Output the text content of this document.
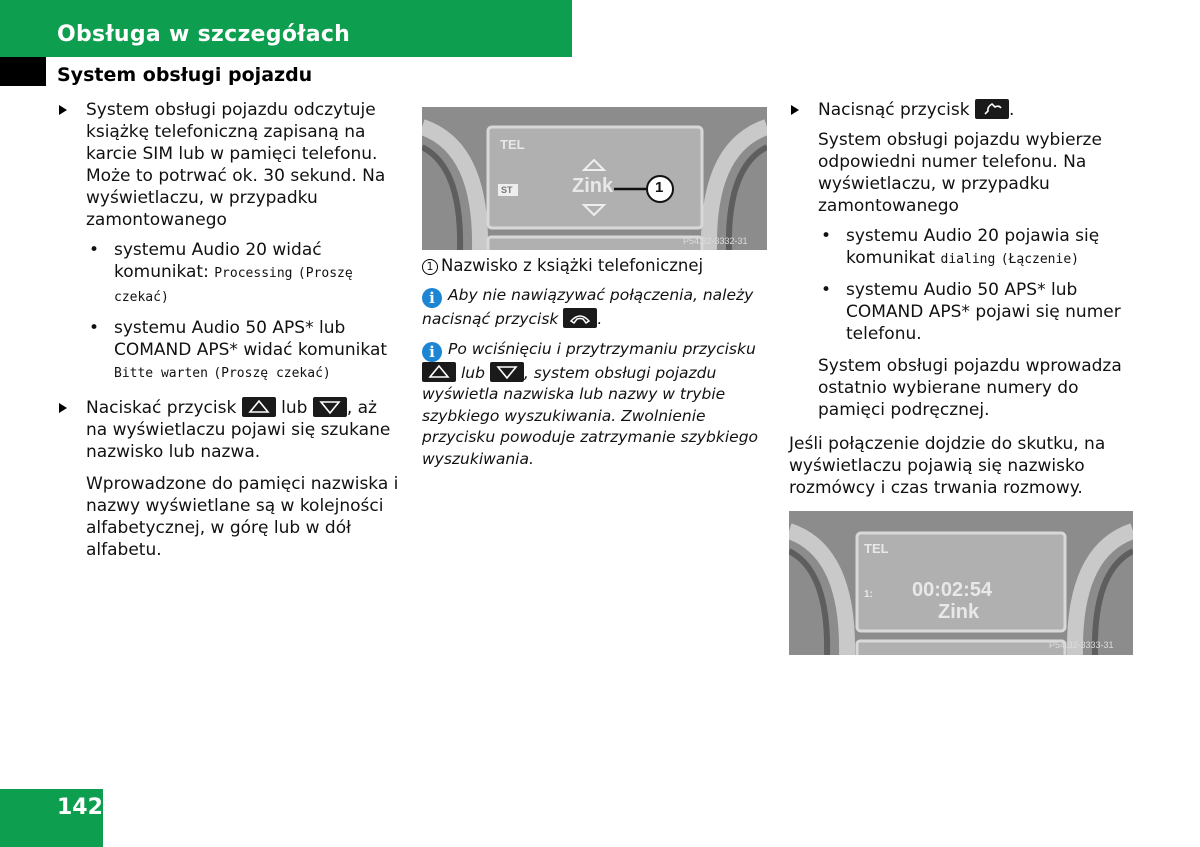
Obsługa w szczegółach
System obsługi pojazdu
System obsługi pojazdu odczytuje książkę telefoniczną zapisaną na karcie SIM lub w pamięci telefonu. Może to potrwać ok. 30 sekund. Na wyświetlaczu, w przypadku zamontowanego
• systemu Audio 20 widać komunikat: Processing (Proszę czekać)
• systemu Audio 50 APS* lub COMAND APS* widać komunikat
Bitte warten (Proszę czekać)
Naciskać przycisk	lub , aż na wyświetlaczu pojawi się szukane nazwisko lub nazwa.
Wprowadzone do pamięci nazwiska i nazwy wyświetlane są w kolejności alfabetycznej, w górę lub w dół alfabetu.
TEL
ST	Zink	1
P54.32-3332-31
1 Nazwisko z książki telefonicznej
i Aby nie nawiązywać połączenia, należy nacisnąć przycisk	.
i Po wciśnięciu i przytrzymaniu przycisku

lub	, system obsługi pojazdu wyświetla nazwiska lub nazwy w trybie szybkiego wyszukiwania. Zwolnienie przycisku powoduje zatrzymanie szybkiego wyszukiwania.
Nacisnąć przycisk .
System obsługi pojazdu wybierze odpowiedni numer telefonu. Na wyświetlaczu, w przypadku zamontowanego
• systemu Audio 20 pojawia się komunikat dialing (Łączenie)
• systemu Audio 50 APS* lub COMAND APS* pojawi się numer telefonu.
System obsługi pojazdu wprowadza ostatnio wybierane numery do pamięci podręcznej.
Jeśli połączenie dojdzie do skutku, na wyświetlaczu pojawią się nazwisko rozmówcy i czas trwania rozmowy.
TEL
1: 00:02:54
Zink
P54.32-3333-31
142
